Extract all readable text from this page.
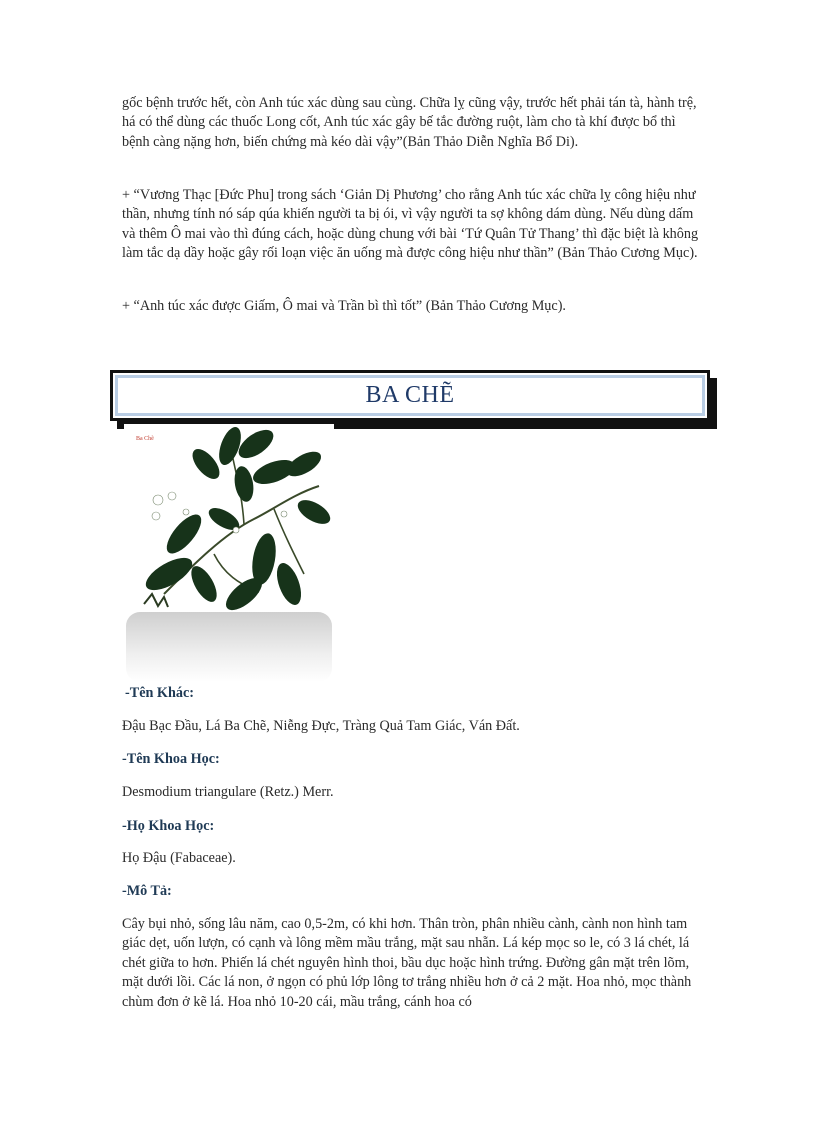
gốc bệnh trước hết, còn Anh túc xác dùng sau cùng. Chữa lỵ cũng vậy, trước hết phải tán tà, hành trệ, há có thể dùng các thuốc Long cốt, Anh túc xác gây bế tắc đường ruột, làm cho tà khí được bổ thì bệnh càng nặng hơn, biến chứng mà kéo dài vậy”(Bản Thảo Diễn Nghĩa Bổ Di).

+ “Vương Thạc [Đức Phu] trong sách ‘Giản Dị Phương’ cho rằng Anh túc xác chữa lỵ công hiệu như thần, nhưng tính nó sáp qúa khiến người ta bị ói, vì vậy người ta sợ không dám dùng. Nếu dùng dấm và thêm Ô mai vào thì đúng cách, hoặc dùng chung với bài ‘Tứ Quân Tử Thang’ thì đặc biệt là không làm tắc dạ dầy hoặc gây rối loạn việc ăn uống mà được công hiệu như thần” (Bản Thảo Cương Mục).

+ “Anh túc xác được Giấm, Ô mai và Trần bì thì tốt” (Bản Thảo Cương Mục).

BA CHẼ
Ba Chẽ

-Tên Khác:

Đậu Bạc Đầu, Lá Ba Chẽ, Niễng Đực, Tràng Quả Tam Giác, Ván Đất.

-Tên Khoa Học:

Desmodium triangulare (Retz.) Merr.

-Họ Khoa Học:

Họ Đậu (Fabaceae).

-Mô Tả:

Cây bụi nhỏ, sống lâu năm, cao 0,5-2m, có khi hơn. Thân tròn, phân nhiều cành, cành non hình tam giác dẹt, uốn lượn, có cạnh và lông mềm mầu trắng, mặt sau nhẵn. Lá kép mọc so le, có 3 lá chét, lá chét giữa to hơn. Phiến lá chét nguyên hình thoi, bầu dục hoặc hình trứng. Đường gân mặt trên lõm, mặt dưới lồi. Các lá non, ở ngọn có phủ lớp lông tơ trắng nhiều hơn ở cả 2 mặt. Hoa nhỏ, mọc thành chùm đơn ở kẽ lá. Hoa nhỏ 10-20 cái, mầu trắng, cánh hoa có
